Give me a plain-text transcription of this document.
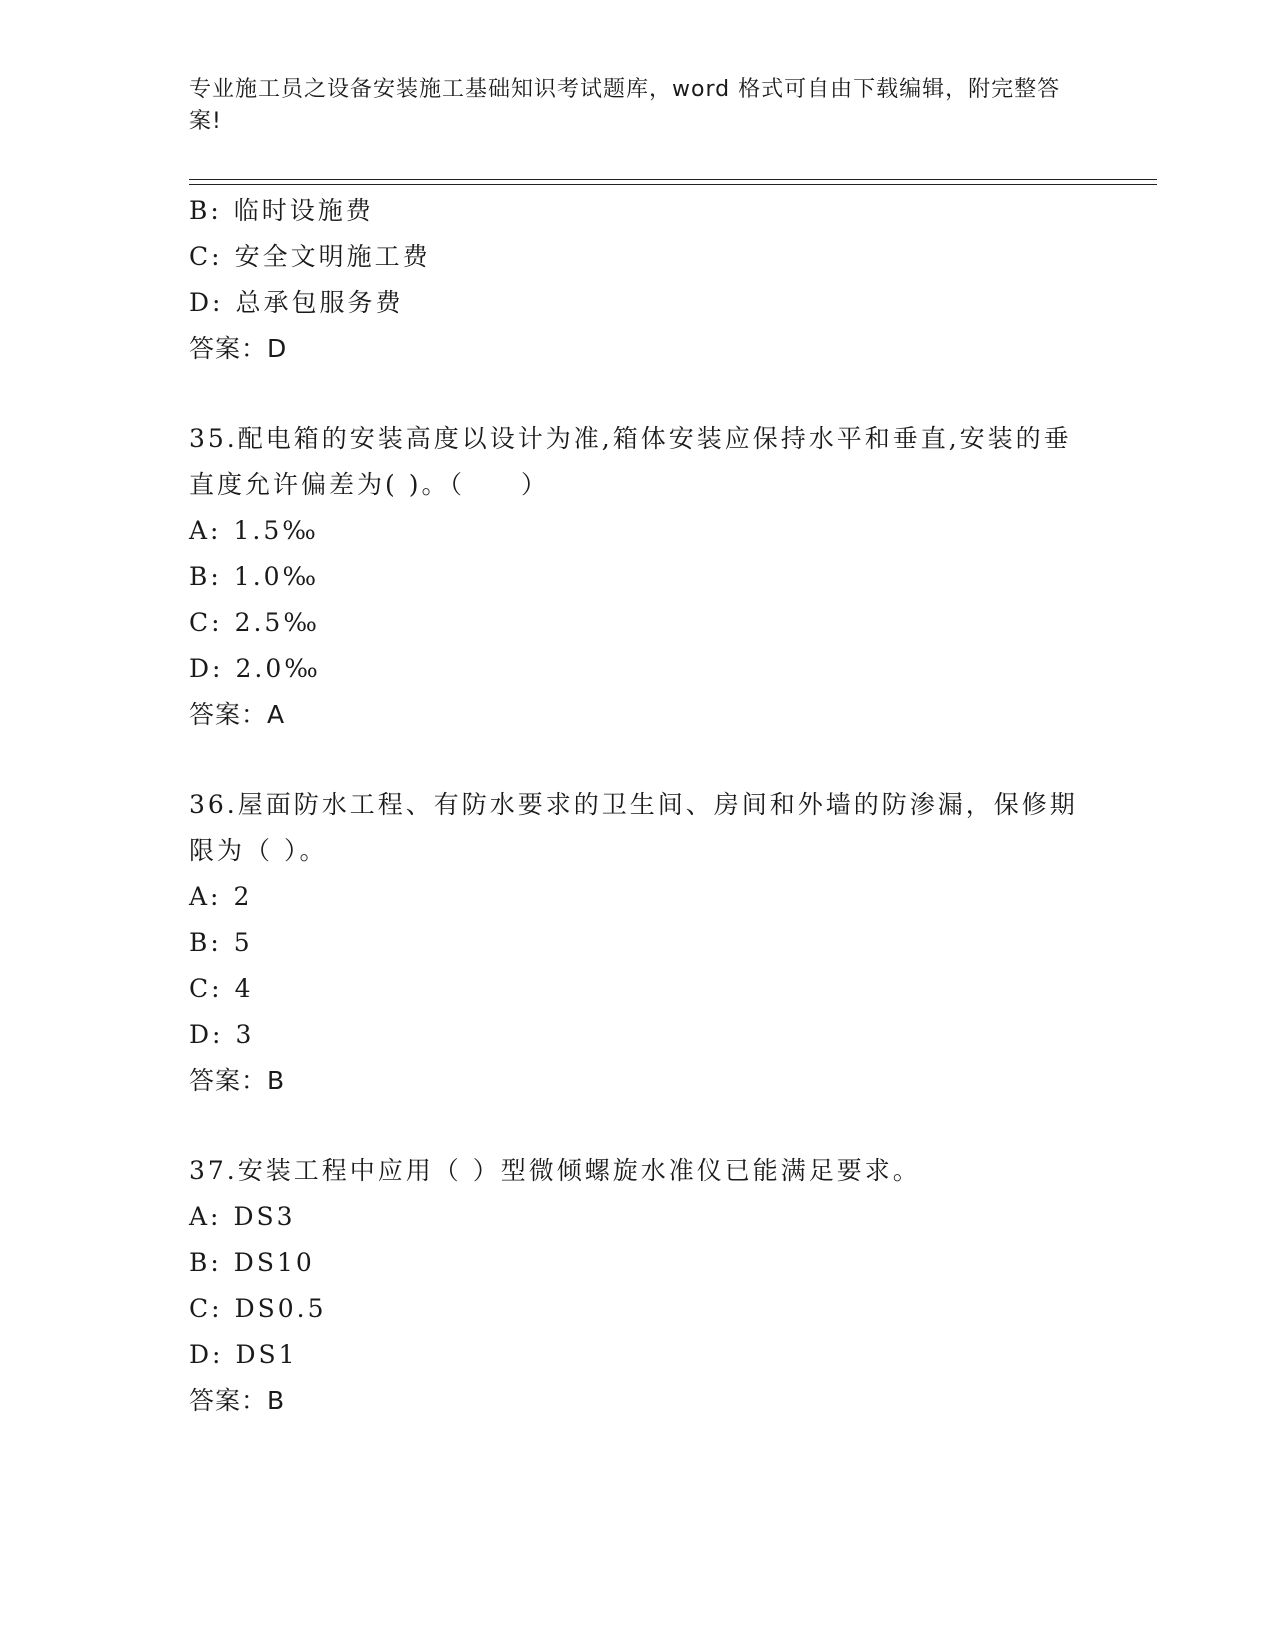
专业施工员之设备安装施工基础知识考试题库，word 格式可自由下载编辑，附完整答案!
B: 临时设施费
C: 安全文明施工费
D: 总承包服务费
答案：D
35.配电箱的安装高度以设计为准,箱体安装应保持水平和垂直,安装的垂直度允许偏差为( )。（　　）
A: 1.5‰
B: 1.0‰
C: 2.5‰
D: 2.0‰
答案：A
36.屋面防水工程、有防水要求的卫生间、房间和外墙的防渗漏，保修期限为（ ）。
A: 2
B: 5
C: 4
D: 3
答案：B
37.安装工程中应用（ ）型微倾螺旋水准仪已能满足要求。
A: DS3
B: DS10
C: DS0.5
D: DS1
答案：B
